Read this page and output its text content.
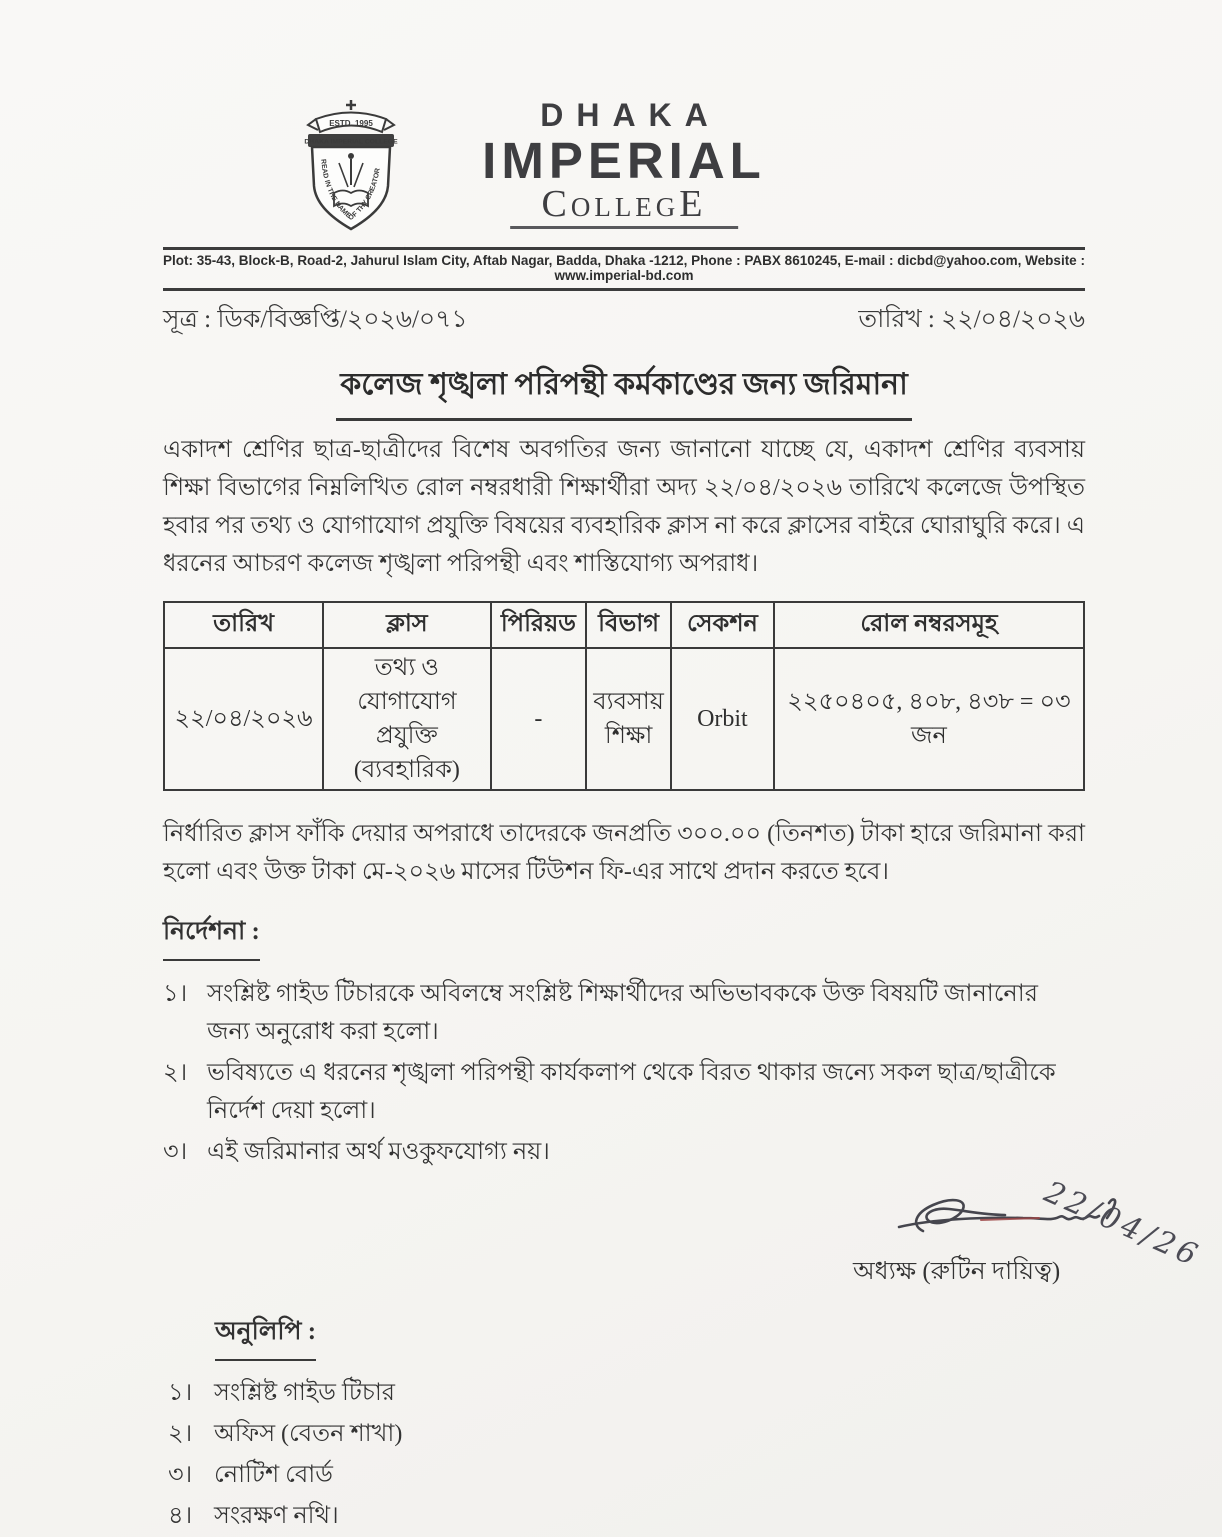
ESTD. 1995
DHAKA IMPERIAL COLLEGE
READ IN THE NAME OF THY CREATOR
DHAKA
IMPERIAL
CollegE
Plot: 35-43, Block-B, Road-2, Jahurul Islam City, Aftab Nagar, Badda, Dhaka -1212, Phone : PABX 8610245, E-mail : dicbd@yahoo.com, Website : www.imperial-bd.com
সূত্র : ডিক/বিজ্ঞপ্তি/২০২৬/০৭১	তারিখ : ২২/০৪/২০২৬
কলেজ শৃঙ্খলা পরিপন্থী কর্মকাণ্ডের জন্য জরিমানা
একাদশ শ্রেণির ছাত্র-ছাত্রীদের বিশেষ অবগতির জন্য জানানো যাচ্ছে যে, একাদশ শ্রেণির ব্যবসায় শিক্ষা বিভাগের নিম্নলিখিত রোল নম্বরধারী শিক্ষার্থীরা অদ্য ২২/০৪/২০২৬ তারিখে কলেজে উপস্থিত হবার পর তথ্য ও যোগাযোগ প্রযুক্তি বিষয়ের ব্যবহারিক ক্লাস না করে ক্লাসের বাইরে ঘোরাঘুরি করে। এ ধরনের আচরণ কলেজ শৃঙ্খলা পরিপন্থী এবং শাস্তিযোগ্য অপরাধ।
তারিখ	ক্লাস	পিরিয়ড	বিভাগ	সেকশন	রোল নম্বরসমূহ
২২/০৪/২০২৬	তথ্য ও যোগাযোগ প্রযুক্তি (ব্যবহারিক)	-	ব্যবসায় শিক্ষা	Orbit	২২৫০৪০৫, ৪০৮, ৪৩৮ = ০৩ জন
নির্ধারিত ক্লাস ফাঁকি দেয়ার অপরাধে তাদেরকে জনপ্রতি ৩০০.০০ (তিনশত) টাকা হারে জরিমানা করা হলো এবং উক্ত টাকা মে-২০২৬ মাসের টিউশন ফি-এর সাথে প্রদান করতে হবে।
নির্দেশনা :
১। সংশ্লিষ্ট গাইড টিচারকে অবিলম্বে সংশ্লিষ্ট শিক্ষার্থীদের অভিভাবককে উক্ত বিষয়টি জানানোর জন্য অনুরোধ করা হলো।
২। ভবিষ্যতে এ ধরনের শৃঙ্খলা পরিপন্থী কার্যকলাপ থেকে বিরত থাকার জন্যে সকল ছাত্র/ছাত্রীকে নির্দেশ দেয়া হলো।
৩। এই জরিমানার অর্থ মওকুফযোগ্য নয়।
22/04/26
অধ্যক্ষ (রুটিন দায়িত্ব)
অনুলিপি :
১। সংশ্লিষ্ট গাইড টিচার
২। অফিস (বেতন শাখা)
৩। নোটিশ বোর্ড
৪। সংরক্ষণ নথি।
